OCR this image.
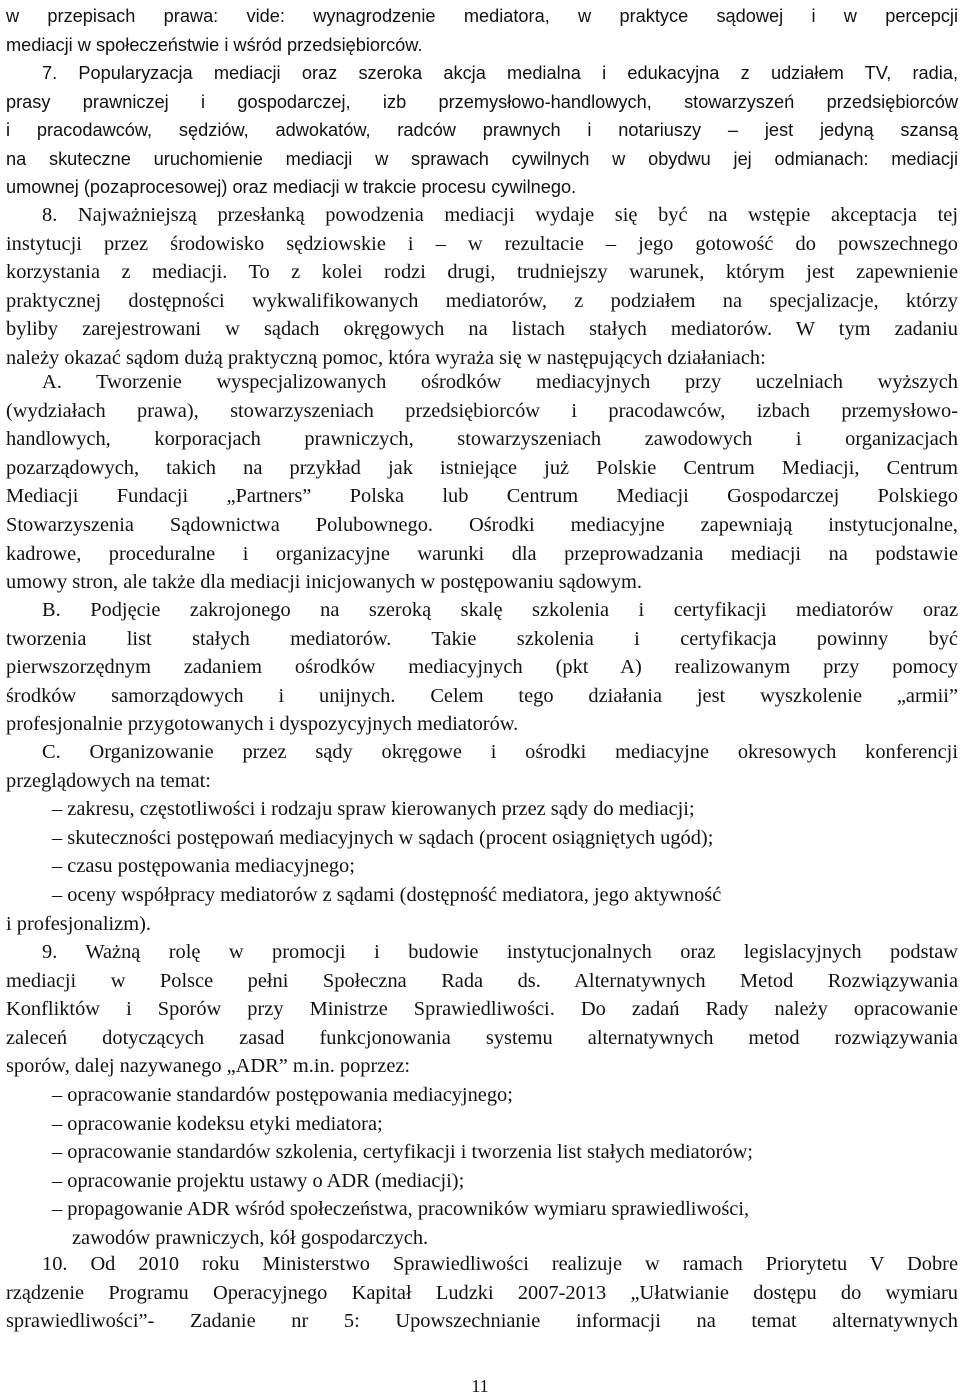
w przepisach prawa: vide: wynagrodzenie mediatora, w praktyce sądowej i w percepcji
mediacji w społeczeństwie i wśród przedsiębiorców.
7. Popularyzacja mediacji oraz szeroka akcja medialna i edukacyjna z udziałem TV, radia,
prasy prawniczej i gospodarczej, izb przemysłowo-handlowych, stowarzyszeń przedsiębiorców
i pracodawców, sędziów, adwokatów, radców prawnych i notariuszy – jest jedyną szansą
na skuteczne uruchomienie mediacji w sprawach cywilnych w obydwu jej odmianach: mediacji
umownej (pozaprocesowej) oraz mediacji w trakcie procesu cywilnego.
8. Najważniejszą przesłanką powodzenia mediacji wydaje się być na wstępie akceptacja tej
instytucji przez środowisko sędziowskie i – w rezultacie – jego gotowość do powszechnego
korzystania z mediacji. To z kolei rodzi drugi, trudniejszy warunek, którym jest zapewnienie
praktycznej dostępności wykwalifikowanych mediatorów, z podziałem na specjalizacje, którzy
byliby zarejestrowani w sądach okręgowych na listach stałych mediatorów. W tym zadaniu
należy okazać sądom dużą praktyczną pomoc, która wyraża się w następujących działaniach:
A. Tworzenie wyspecjalizowanych ośrodków mediacyjnych przy uczelniach wyższych
(wydziałach prawa), stowarzyszeniach przedsiębiorców i pracodawców, izbach przemysłowo-
handlowych, korporacjach prawniczych, stowarzyszeniach zawodowych i organizacjach
pozarządowych, takich na przykład jak istniejące już Polskie Centrum Mediacji, Centrum
Mediacji Fundacji „Partners” Polska lub Centrum Mediacji Gospodarczej Polskiego
Stowarzyszenia Sądownictwa Polubownego. Ośrodki mediacyjne zapewniają instytucjonalne,
kadrowe, proceduralne i organizacyjne warunki dla przeprowadzania mediacji na podstawie
umowy stron, ale także dla mediacji inicjowanych w postępowaniu sądowym.
B. Podjęcie zakrojonego na szeroką skalę szkolenia i certyfikacji mediatorów oraz
tworzenia list stałych mediatorów. Takie szkolenia i certyfikacja powinny być
pierwszorzędnym zadaniem ośrodków mediacyjnych (pkt A) realizowanym przy pomocy
środków samorządowych i unijnych. Celem tego działania jest wyszkolenie „armii”
profesjonalnie przygotowanych i dyspozycyjnych mediatorów.
C. Organizowanie przez sądy okręgowe i ośrodki mediacyjne okresowych konferencji
przeglądowych na temat:
– zakresu, częstotliwości i rodzaju spraw kierowanych przez sądy do mediacji;
– skuteczności postępowań mediacyjnych w sądach (procent osiągniętych ugód);
– czasu postępowania mediacyjnego;
– oceny współpracy mediatorów z sądami (dostępność mediatora, jego aktywność
i profesjonalizm).
9. Ważną rolę w promocji i budowie instytucjonalnych oraz legislacyjnych podstaw
mediacji w Polsce pełni Społeczna Rada ds. Alternatywnych Metod Rozwiązywania
Konfliktów i Sporów przy Ministrze Sprawiedliwości. Do zadań Rady należy opracowanie
zaleceń dotyczących zasad funkcjonowania systemu alternatywnych metod rozwiązywania
sporów, dalej nazywanego „ADR” m.in. poprzez:
– opracowanie standardów postępowania mediacyjnego;
– opracowanie kodeksu etyki mediatora;
– opracowanie standardów szkolenia, certyfikacji i tworzenia list stałych mediatorów;
– opracowanie projektu ustawy o ADR (mediacji);
– propagowanie ADR wśród społeczeństwa, pracowników wymiaru sprawiedliwości,
zawodów prawniczych, kół gospodarczych.
10. Od 2010 roku Ministerstwo Sprawiedliwości realizuje w ramach Priorytetu V Dobre
rządzenie Programu Operacyjnego Kapitał Ludzki 2007-2013 „Ułatwianie dostępu do wymiaru
sprawiedliwości”- Zadanie nr 5: Upowszechnianie informacji na temat alternatywnych
11
